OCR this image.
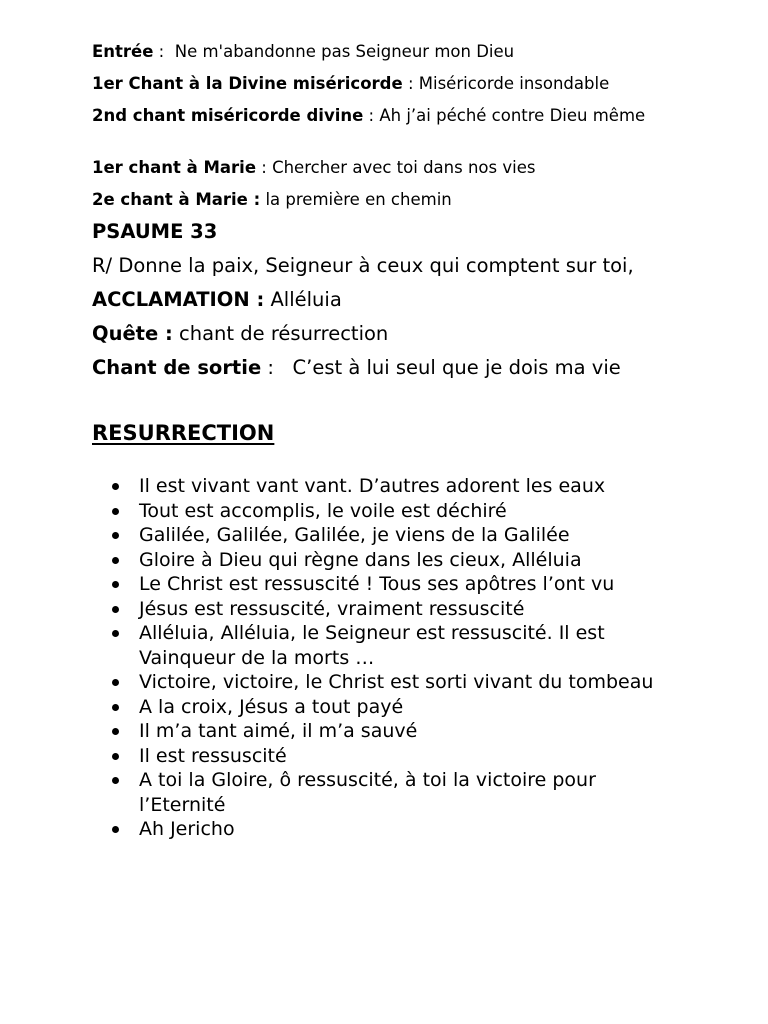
Entrée :  Ne m'abandonne pas Seigneur mon Dieu
1er Chant à la Divine miséricorde : Miséricorde insondable
2nd chant miséricorde divine : Ah j’ai péché contre Dieu même
1er chant à Marie : Chercher avec toi dans nos vies
2e chant à Marie : la première en chemin
PSAUME 33
R/ Donne la paix, Seigneur à ceux qui comptent sur toi,
ACCLAMATION : Alléluia
Quête : chant de résurrection
Chant de sortie :   C’est à lui seul que je dois ma vie
RESURRECTION
Il est vivant vant vant. D’autres adorent les eaux
Tout est accomplis, le voile est déchiré
Galilée, Galilée, Galilée, je viens de la Galilée
Gloire à Dieu qui règne dans les cieux, Alléluia
Le Christ est ressuscité ! Tous ses apôtres l’ont vu
Jésus est ressuscité, vraiment ressuscité
Alléluia, Alléluia, le Seigneur est ressuscité. Il est Vainqueur de la morts …
Victoire, victoire, le Christ est sorti vivant du tombeau
A la croix, Jésus a tout payé
Il m’a tant aimé, il m’a sauvé
Il est ressuscité
A toi la Gloire, ô ressuscité, à toi la victoire pour l’Eternité
Ah Jericho
